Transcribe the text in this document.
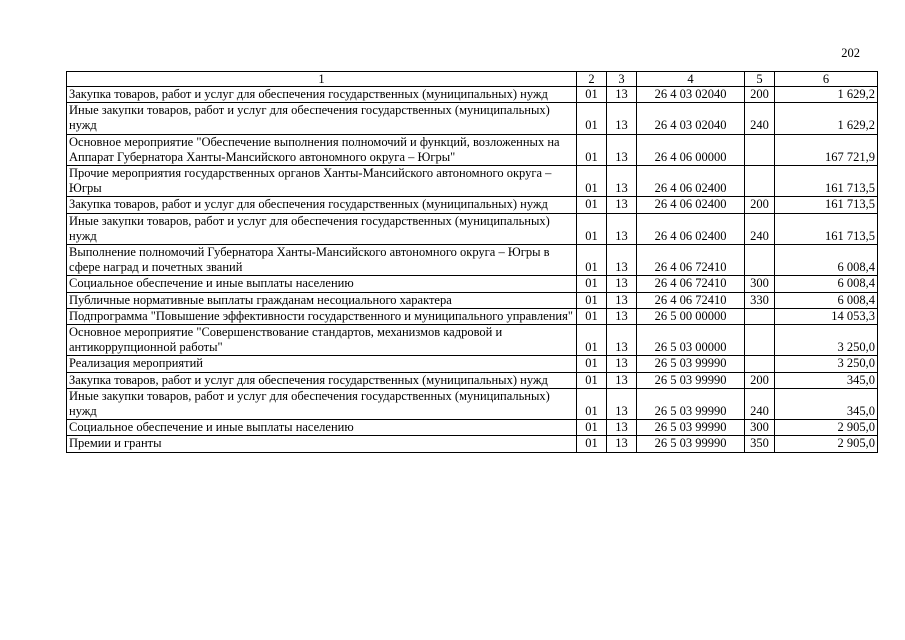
202
1	2	3	4	5	6
Закупка товаров, работ и услуг для обеспечения государственных (муниципальных) нужд	01	13	26 4 03 02040	200	1 629,2
Иные закупки товаров, работ и услуг для обеспечения государственных (муниципальных) нужд	01	13	26 4 03 02040	240	1 629,2
Основное мероприятие "Обеспечение выполнения полномочий и функций, возложенных на Аппарат Губернатора Ханты-Мансийского автономного округа – Югры"	01	13	26 4 06 00000		167 721,9
Прочие мероприятия государственных органов Ханты-Мансийского автономного округа – Югры	01	13	26 4 06 02400		161 713,5
Закупка товаров, работ и услуг для обеспечения государственных (муниципальных) нужд	01	13	26 4 06 02400	200	161 713,5
Иные закупки товаров, работ и услуг для обеспечения государственных (муниципальных) нужд	01	13	26 4 06 02400	240	161 713,5
Выполнение полномочий Губернатора Ханты-Мансийского автономного округа – Югры в сфере наград и почетных званий	01	13	26 4 06 72410		6 008,4
Социальное обеспечение и иные выплаты населению	01	13	26 4 06 72410	300	6 008,4
Публичные нормативные выплаты гражданам несоциального характера	01	13	26 4 06 72410	330	6 008,4
Подпрограмма "Повышение эффективности государственного и муниципального управления"	01	13	26 5 00 00000		14 053,3
Основное мероприятие "Совершенствование стандартов, механизмов кадровой и антикоррупционной работы"	01	13	26 5 03 00000		3 250,0
Реализация мероприятий	01	13	26 5 03 99990		3 250,0
Закупка товаров, работ и услуг для обеспечения государственных (муниципальных) нужд	01	13	26 5 03 99990	200	345,0
Иные закупки товаров, работ и услуг для обеспечения государственных (муниципальных) нужд	01	13	26 5 03 99990	240	345,0
Социальное обеспечение и иные выплаты населению	01	13	26 5 03 99990	300	2 905,0
Премии и гранты	01	13	26 5 03 99990	350	2 905,0
